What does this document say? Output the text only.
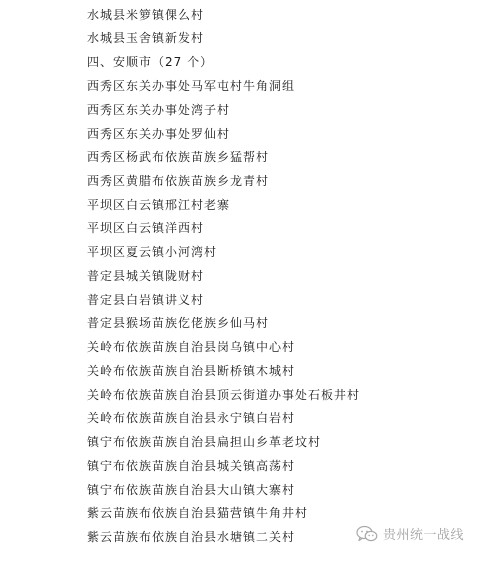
水城县米箩镇倮么村
水城县玉舍镇新发村
四、安顺市（27 个）
西秀区东关办事处马军屯村牛角洞组
西秀区东关办事处湾子村
西秀区东关办事处罗仙村
西秀区杨武布依族苗族乡猛帮村
西秀区黄腊布依族苗族乡龙青村
平坝区白云镇邢江村老寨
平坝区白云镇洋西村
平坝区夏云镇小河湾村
普定县城关镇陇财村
普定县白岩镇讲义村
普定县猴场苗族仡佬族乡仙马村
关岭布依族苗族自治县岗乌镇中心村
关岭布依族苗族自治县断桥镇木城村
关岭布依族苗族自治县顶云街道办事处石板井村
关岭布依族苗族自治县永宁镇白岩村
镇宁布依族苗族自治县扁担山乡革老坟村
镇宁布依族苗族自治县城关镇高荡村
镇宁布依族苗族自治县大山镇大寨村
紫云苗族布依族自治县猫营镇牛角井村
紫云苗族布依族自治县水塘镇二关村	贵州统一战线
